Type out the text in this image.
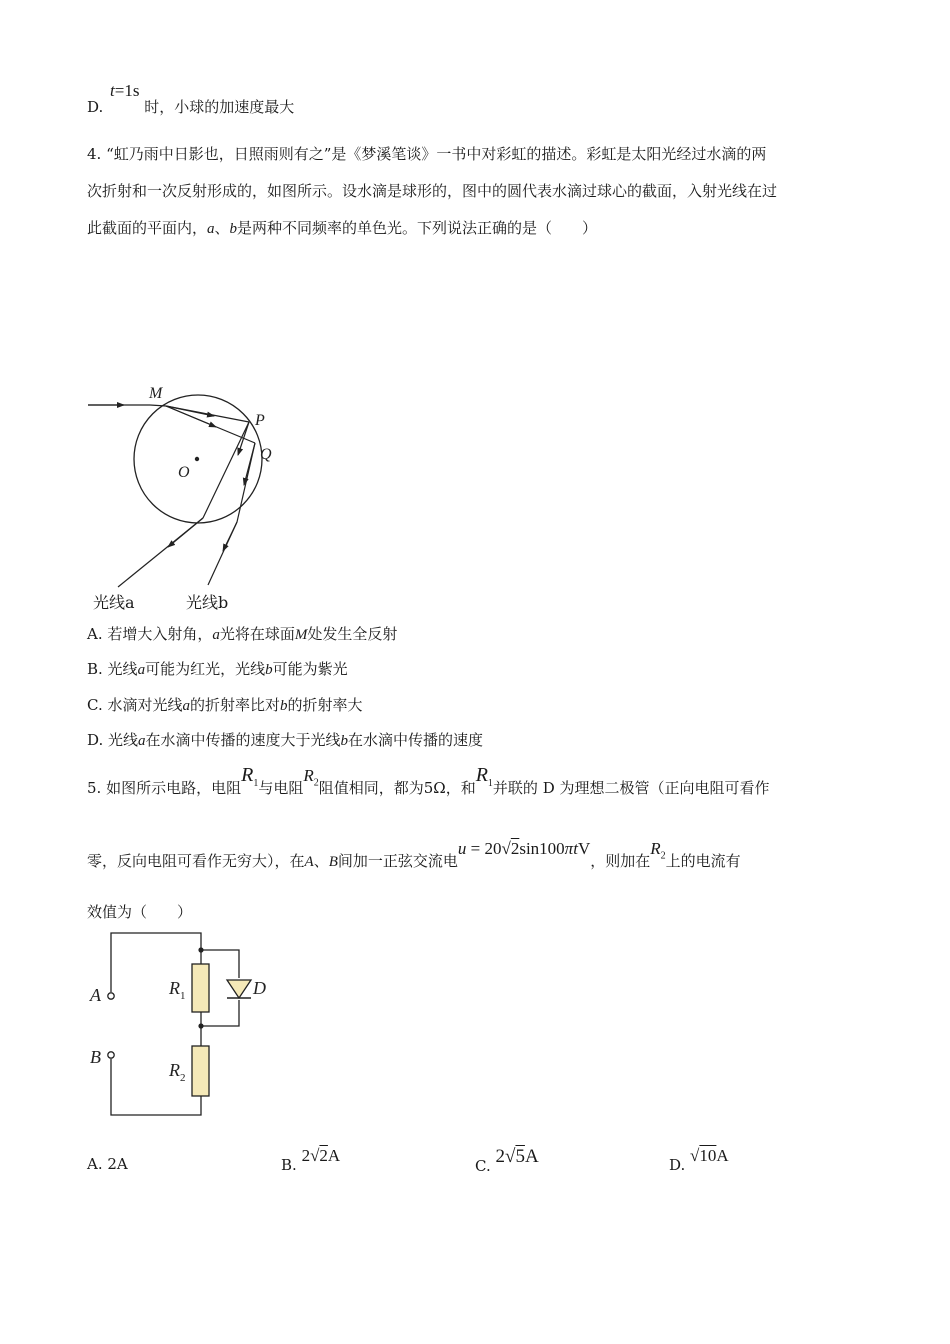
D. t=1s 时，小球的加速度最大
4. “虹乃雨中日影也，日照雨则有之”是《梦溪笔谈》一书中对彩虹的描述。彩虹是太阳光经过水滴的两
次折射和一次反射形成的，如图所示。设水滴是球形的，图中的圆代表水滴过球心的截面，入射光线在过
此截面的平面内，a、b是两种不同频率的单色光。下列说法正确的是（　　）
M
P
Q
O
光线a	光线b
A. 若增大入射角，a光将在球面M处发生全反射
B. 光线a可能为红光，光线b可能为紫光
C. 水滴对光线a的折射率比对b的折射率大
D. 光线a在水滴中传播的速度大于光线b在水滴中传播的速度
5. 如图所示电路，电阻$R_1$与电阻$R_2$阻值相同，都为5Ω，和$R_1$并联的 D 为理想二极管（正向电阻可看作
零，反向电阻可看作无穷大），在A、B间加一正弦交流电u = 20√2sin100πtV，则加在$R_2$上的电流有
效值为（　　）
A
B
$R_1$
$R_2$
D
A. 2A	B. 2√2A
C. 2√5A	D. √10A
